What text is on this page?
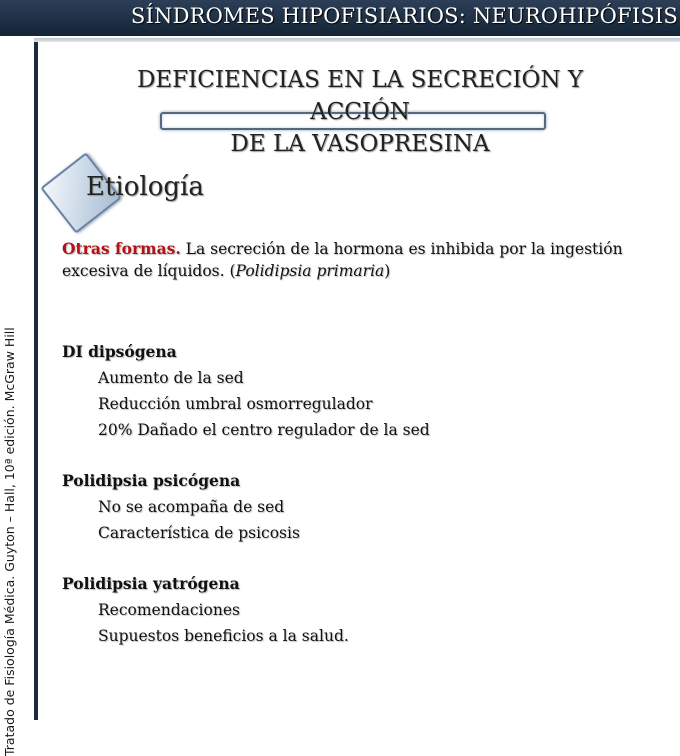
SÍNDROMES HIPOFISIARIOS: NEUROHIPÓFISIS
Tratado de Fisiología Médica. Guyton – Hall, 10ª edición. McGraw Hill
DEFICIENCIAS EN LA SECRECIÓN Y ACCIÓN
DE LA VASOPRESINA
Etiología
Otras formas. La secreción de la hormona es inhibida por la ingestión excesiva de líquidos. (Polidipsia primaria)
DI dipsógena
Aumento de la sed
Reducción umbral osmorregulador
20% Dañado el centro regulador de la sed
Polidipsia psicógena
No se acompaña de sed
Característica de psicosis
Polidipsia yatrógena
Recomendaciones
Supuestos beneficios a la salud.
